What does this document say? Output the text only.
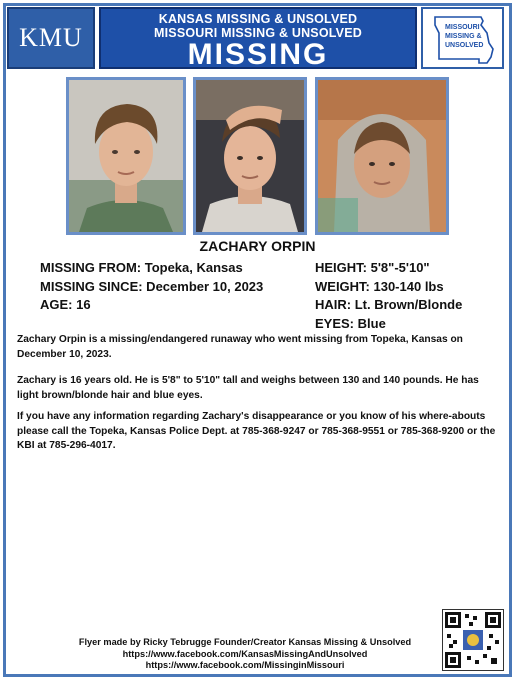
KMU
KANSAS MISSING & UNSOLVED
MISSOURI MISSING & UNSOLVED
MISSING
MISSOURI
MISSING &
UNSOLVED
ZACHARY ORPIN
MISSING FROM: Topeka, Kansas
MISSING SINCE: December 10, 2023
AGE: 16
HEIGHT: 5'8"-5'10"
WEIGHT: 130-140 lbs
HAIR: Lt. Brown/Blonde
EYES: Blue
Zachary Orpin is a missing/endangered runaway who went missing from Topeka, Kansas on December 10, 2023.
Zachary is 16 years old. He is 5'8" to 5'10" tall and weighs between 130 and 140 pounds. He has light brown/blonde hair and blue eyes.
If you have any information regarding Zachary's disappearance or you know of his where-abouts please call the Topeka, Kansas Police Dept. at 785-368-9247 or 785-368-9551 or 785-368-9200 or the KBI at 785-296-4017.
Flyer made by Ricky Tebrugge Founder/Creator Kansas Missing & Unsolved
https://www.facebook.com/KansasMissingAndUnsolved
https://www.facebook.com/MissinginMissouri
